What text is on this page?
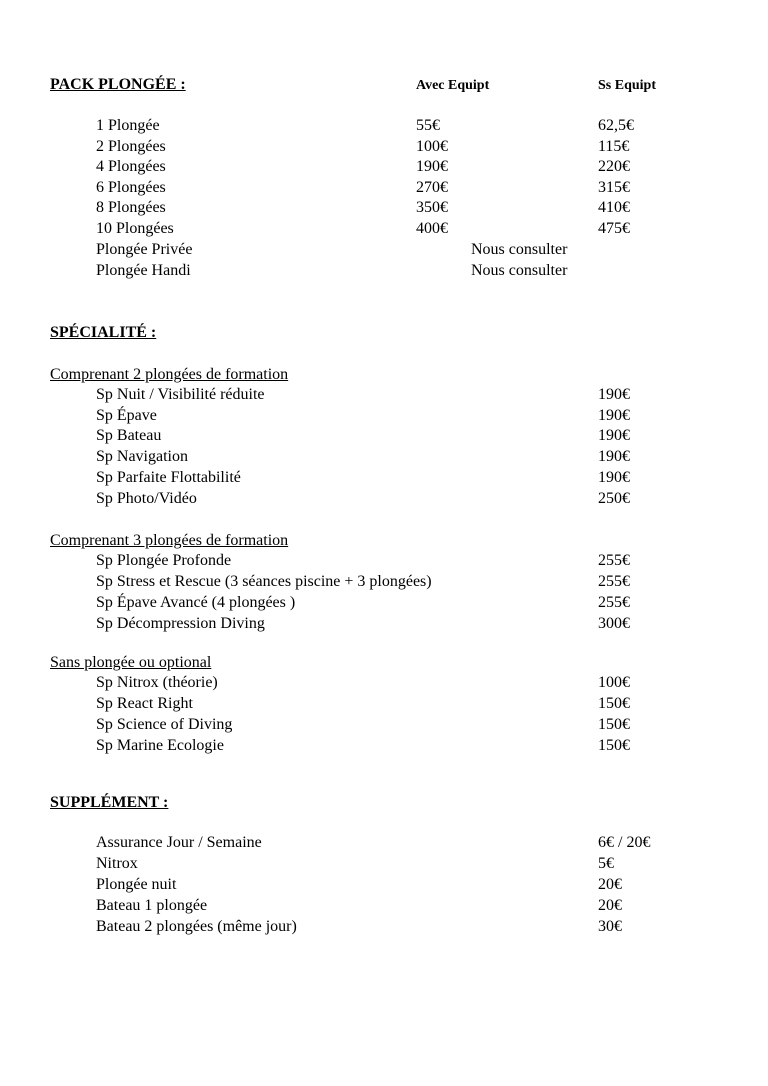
PACK PLONGÉE :	Avec Equipt	Ss Equipt
1 Plongée	55€	62,5€
2 Plongées	100€	115€
4 Plongées	190€	220€
6 Plongées	270€	315€
8 Plongées	350€	410€
10 Plongées	400€	475€
Plongée Privée	Nous consulter
Plongée Handi	Nous consulter
SPÉCIALITÉ :
Comprenant 2 plongées de formation
Sp Nuit / Visibilité réduite	190€
Sp Épave	190€
Sp Bateau	190€
Sp Navigation	190€
Sp Parfaite Flottabilité	190€
Sp Photo/Vidéo	250€
Comprenant 3 plongées de formation
Sp Plongée Profonde	255€
Sp Stress et Rescue (3 séances piscine + 3 plongées)	255€
Sp Épave Avancé (4 plongées )	255€
Sp Décompression Diving	300€
Sans plongée ou optional
Sp Nitrox (théorie)	100€
Sp React Right	150€
Sp Science of Diving	150€
Sp Marine Ecologie	150€
SUPPLÉMENT :
Assurance Jour / Semaine	6€ / 20€
Nitrox	5€
Plongée nuit	20€
Bateau 1 plongée	20€
Bateau 2 plongées (même jour)	30€
